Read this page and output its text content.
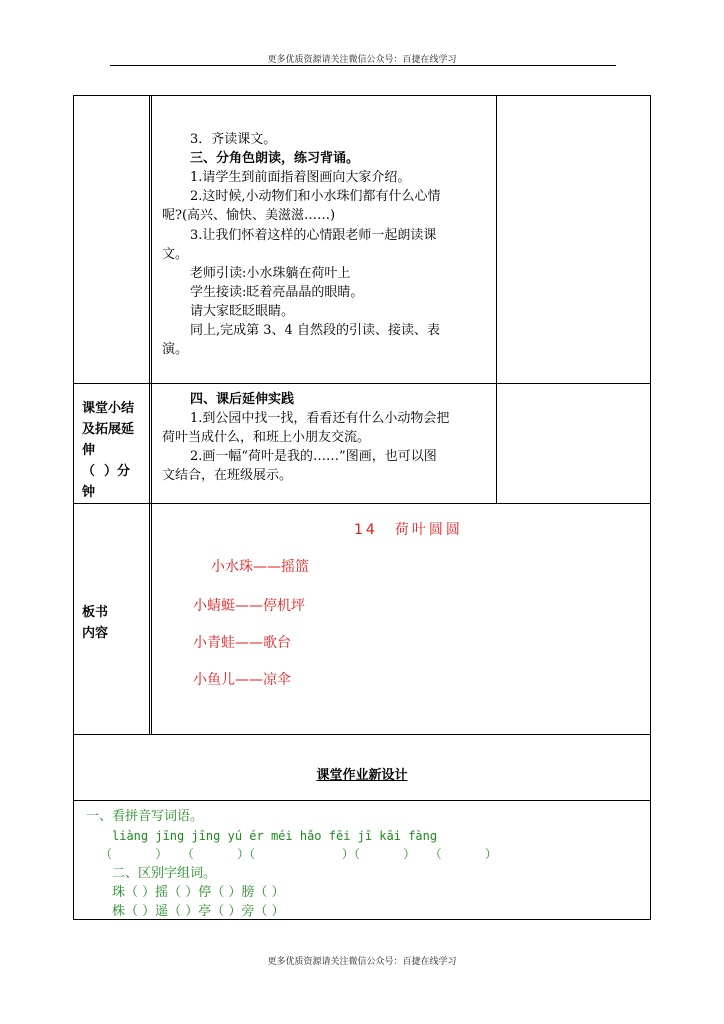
更多优质资源请关注微信公众号：百捷在线学习
3．齐读课文。
三、分角色朗读，练习背诵。
1.请学生到前面指着图画向大家介绍。
2.这时候,小动物们和小水珠们都有什么心情
呢?(高兴、愉快、美滋滋……)
3.让我们怀着这样的心情跟老师一起朗读课
文。
老师引读:小水珠躺在荷叶上
学生接读:眨着亮晶晶的眼睛。
请大家眨眨眼睛。
同上,完成第 3、4 自然段的引读、接读、表
演。
课堂小结
及拓展延
伸
（  ）分
钟
四、课后延伸实践
1.到公园中找一找，看看还有什么小动物会把
荷叶当成什么，和班上小朋友交流。
2.画一幅“荷叶是我的……”图画，也可以图
文结合，在班级展示。
板书
内容
14　荷叶圆圆
小水珠——摇篮
小蜻蜓——停机坪
小青蛙——歌台
小鱼儿——凉伞
课堂作业新设计
一、看拼音写词语。
liàng jīng jīng yú ér méi hǎo fēi jī kāi fàng
（      ）  （      ）（            ）（      ）  （      ）
二、区别字组词。
珠（ ）摇（ ）停（ ）膀（ ）
株（ ）遥（ ）亭（ ）旁（ ）
更多优质资源请关注微信公众号：百捷在线学习
